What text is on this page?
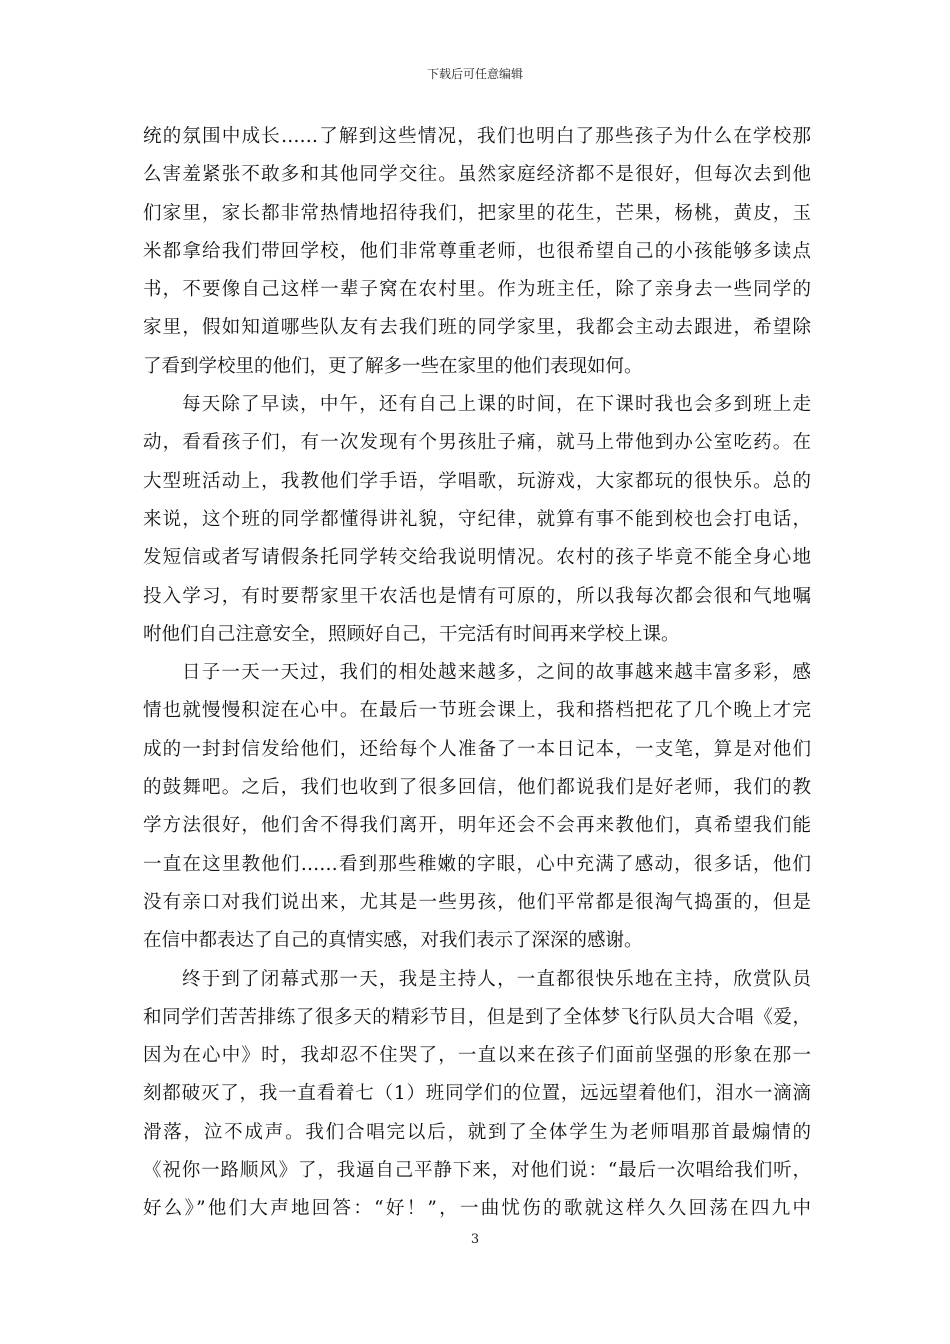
下载后可任意编辑
统的氛围中成长……了解到这些情况，我们也明白了那些孩子为什么在学校那
么害羞紧张不敢多和其他同学交往。虽然家庭经济都不是很好，但每次去到他
们家里，家长都非常热情地招待我们，把家里的花生，芒果，杨桃，黄皮，玉
米都拿给我们带回学校，他们非常尊重老师，也很希望自己的小孩能够多读点
书，不要像自己这样一辈子窝在农村里。作为班主任，除了亲身去一些同学的
家里，假如知道哪些队友有去我们班的同学家里，我都会主动去跟进，希望除
了看到学校里的他们，更了解多一些在家里的他们表现如何。
每天除了早读，中午，还有自己上课的时间，在下课时我也会多到班上走
动，看看孩子们，有一次发现有个男孩肚子痛，就马上带他到办公室吃药。在
大型班活动上，我教他们学手语，学唱歌，玩游戏，大家都玩的很快乐。总的
来说，这个班的同学都懂得讲礼貌，守纪律，就算有事不能到校也会打电话，
发短信或者写请假条托同学转交给我说明情况。农村的孩子毕竟不能全身心地
投入学习，有时要帮家里干农活也是情有可原的，所以我每次都会很和气地嘱
咐他们自己注意安全，照顾好自己，干完活有时间再来学校上课。
日子一天一天过，我们的相处越来越多，之间的故事越来越丰富多彩，感
情也就慢慢积淀在心中。在最后一节班会课上，我和搭档把花了几个晚上才完
成的一封封信发给他们，还给每个人准备了一本日记本，一支笔，算是对他们
的鼓舞吧。之后，我们也收到了很多回信，他们都说我们是好老师，我们的教
学方法很好，他们舍不得我们离开，明年还会不会再来教他们，真希望我们能
一直在这里教他们……看到那些稚嫩的字眼，心中充满了感动，很多话，他们
没有亲口对我们说出来，尤其是一些男孩，他们平常都是很淘气捣蛋的，但是
在信中都表达了自己的真情实感，对我们表示了深深的感谢。
终于到了闭幕式那一天，我是主持人，一直都很快乐地在主持，欣赏队员
和同学们苦苦排练了很多天的精彩节目，但是到了全体梦飞行队员大合唱《爱，
因为在心中》时，我却忍不住哭了，一直以来在孩子们面前坚强的形象在那一
刻都破灭了，我一直看着七（1）班同学们的位置，远远望着他们，泪水一滴滴
滑落，泣不成声。我们合唱完以后，就到了全体学生为老师唱那首最煽情的
《祝你一路顺风》了，我逼自己平静下来，对他们说：“最后一次唱给我们听，
好么》”他们大声地回答：“好！”，一曲忧伤的歌就这样久久回荡在四九中
3
